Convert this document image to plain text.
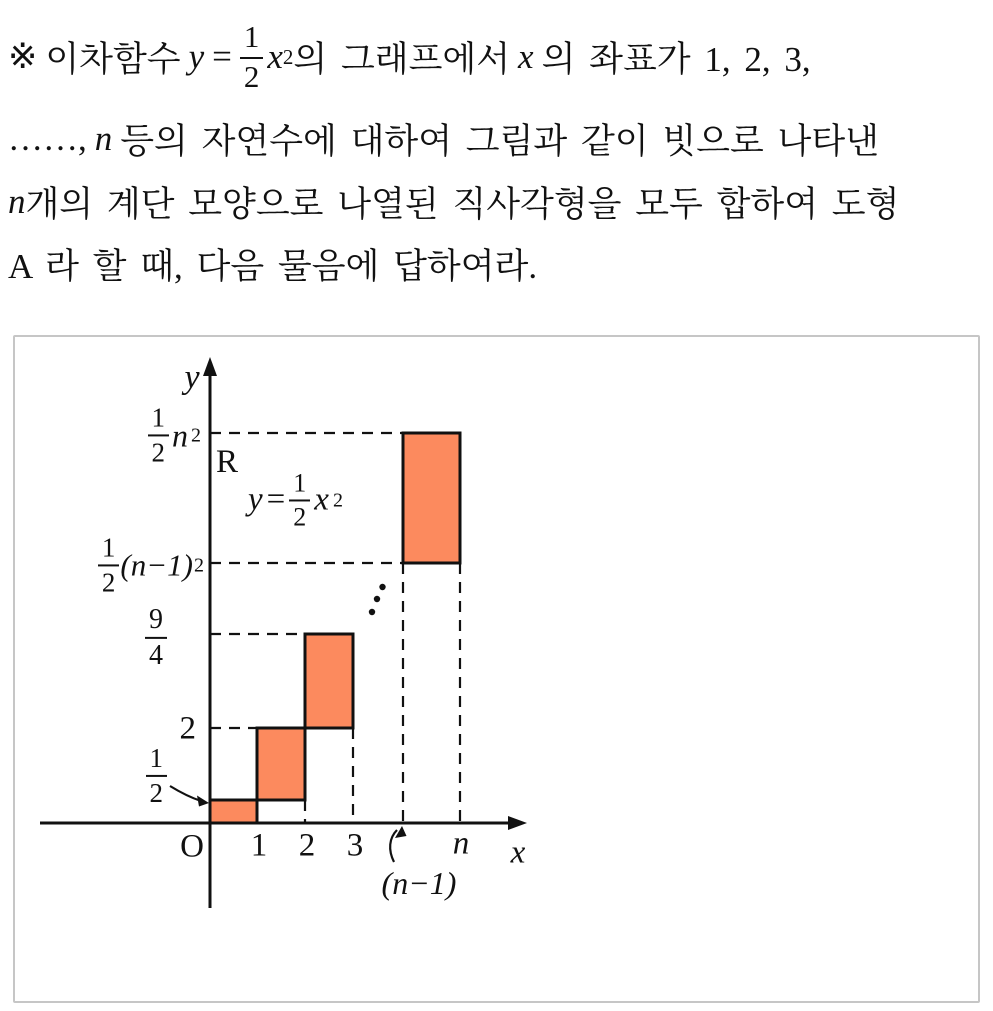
※ 이차함수 $y = \frac{1}{2}$ x 2 의 그래프에서 x 의 좌표가 1, 2, 3,
……, n 등의 자연수에 대하여 그림과 같이 빗으로 나타낸
n 개의 계단 모양으로 나열된 직사각형을 모두 합하여 도형
A 라 할 때, 다음 물음에 답하여라.
y
$\frac{1}{2}$ n 2
R
$y = \frac{1}{2}$ x 2
$\frac{1}{2} (n-1)$ 2
$\frac{9}{4}$
2
$\frac{1}{2}$
O 1 2 3	n x
(n−1)
